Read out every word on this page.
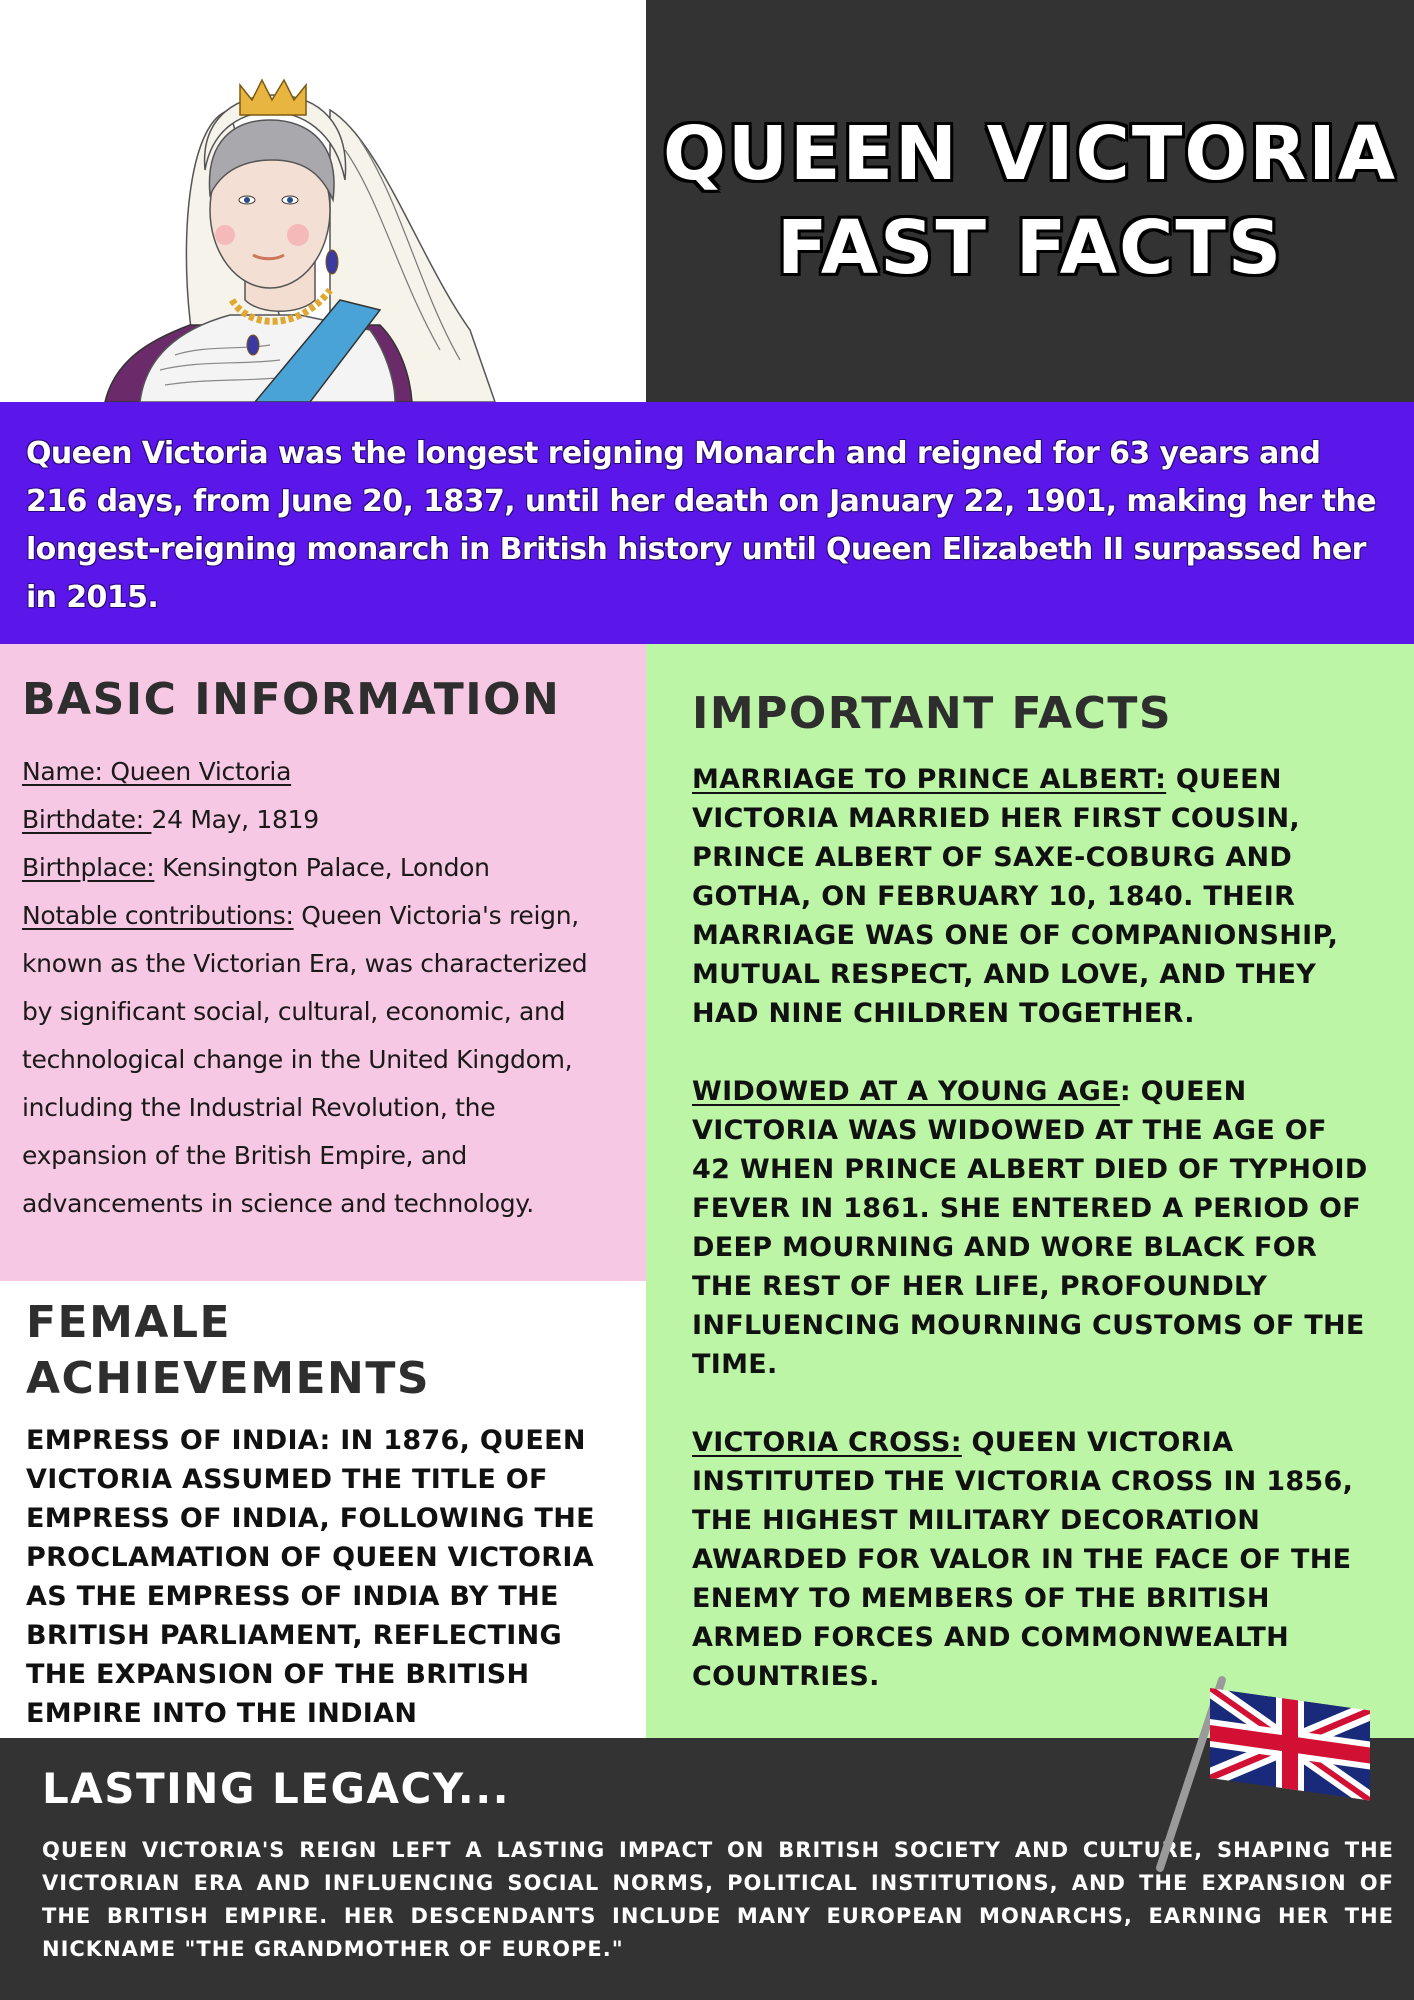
QUEEN VICTORIA
FAST FACTS

Queen Victoria was the longest reigning Monarch and reigned for 63 years and 216 days, from June 20, 1837, until her death on January 22, 1901, making her the longest-reigning monarch in British history until Queen Elizabeth II surpassed her in 2015.

BASIC INFORMATION
Name: Queen Victoria
Birthdate: 24 May, 1819
Birthplace: Kensington Palace, London
Notable contributions: Queen Victoria's reign, known as the Victorian Era, was characterized by significant social, cultural, economic, and technological change in the United Kingdom, including the Industrial Revolution, the expansion of the British Empire, and advancements in science and technology.
FEMALE ACHIEVEMENTS

EMPRESS OF INDIA: IN 1876, QUEEN VICTORIA ASSUMED THE TITLE OF EMPRESS OF INDIA, FOLLOWING THE PROCLAMATION OF QUEEN VICTORIA AS THE EMPRESS OF INDIA BY THE BRITISH PARLIAMENT, REFLECTING THE EXPANSION OF THE BRITISH EMPIRE INTO THE INDIAN

IMPORTANT FACTS

MARRIAGE TO PRINCE ALBERT: QUEEN VICTORIA MARRIED HER FIRST COUSIN, PRINCE ALBERT OF SAXE-COBURG AND GOTHA, ON FEBRUARY 10, 1840. THEIR MARRIAGE WAS ONE OF COMPANIONSHIP, MUTUAL RESPECT, AND LOVE, AND THEY HAD NINE CHILDREN TOGETHER.

WIDOWED AT A YOUNG AGE: QUEEN VICTORIA WAS WIDOWED AT THE AGE OF 42 WHEN PRINCE ALBERT DIED OF TYPHOID FEVER IN 1861. SHE ENTERED A PERIOD OF DEEP MOURNING AND WORE BLACK FOR THE REST OF HER LIFE, PROFOUNDLY INFLUENCING MOURNING CUSTOMS OF THE TIME.

VICTORIA CROSS: QUEEN VICTORIA INSTITUTED THE VICTORIA CROSS IN 1856, THE HIGHEST MILITARY DECORATION AWARDED FOR VALOR IN THE FACE OF THE ENEMY TO MEMBERS OF THE BRITISH ARMED FORCES AND COMMONWEALTH COUNTRIES.

LASTING LEGACY...

QUEEN VICTORIA'S REIGN LEFT A LASTING IMPACT ON BRITISH SOCIETY AND CULTURE, SHAPING THE VICTORIAN ERA AND INFLUENCING SOCIAL NORMS, POLITICAL INSTITUTIONS, AND THE EXPANSION OF THE BRITISH EMPIRE. HER DESCENDANTS INCLUDE MANY EUROPEAN MONARCHS, EARNING HER THE NICKNAME "THE GRANDMOTHER OF EUROPE."
